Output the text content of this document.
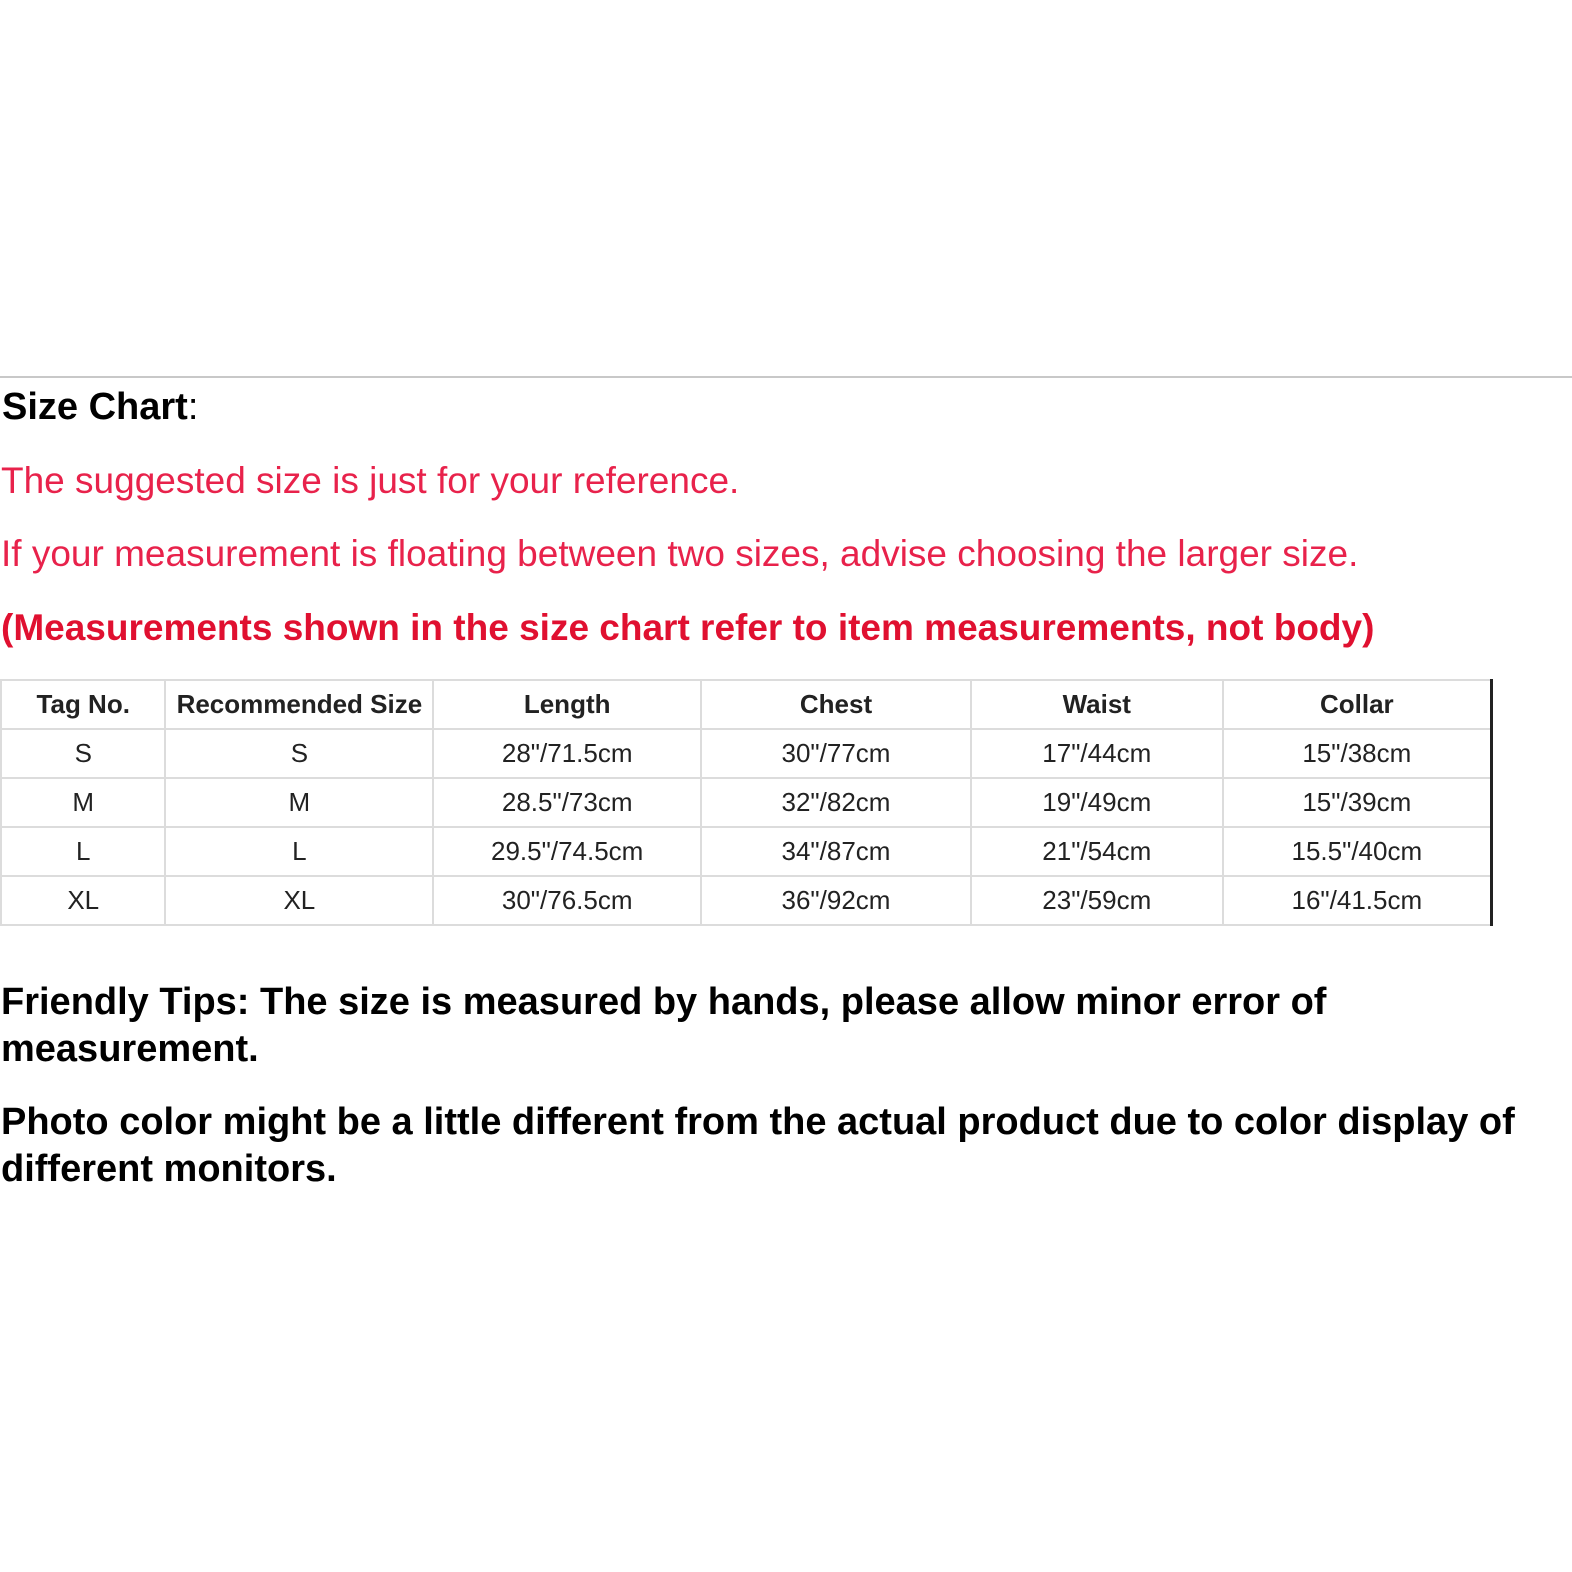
Size Chart:
The suggested size is just for your reference.
If your measurement is floating between two sizes, advise choosing the larger size.
(Measurements shown in the size chart refer to item measurements, not body)
Tag No.	Recommended Size	Length	Chest	Waist	Collar
S	S	28"/71.5cm	30"/77cm	17"/44cm	15"/38cm
M	M	28.5"/73cm	32"/82cm	19"/49cm	15"/39cm
L	L	29.5"/74.5cm	34"/87cm	21"/54cm	15.5"/40cm
XL	XL	30"/76.5cm	36"/92cm	23"/59cm	16"/41.5cm
Friendly Tips: The size is measured by hands, please allow minor error of measurement.
Photo color might be a little different from the actual product due to color display of different monitors.
